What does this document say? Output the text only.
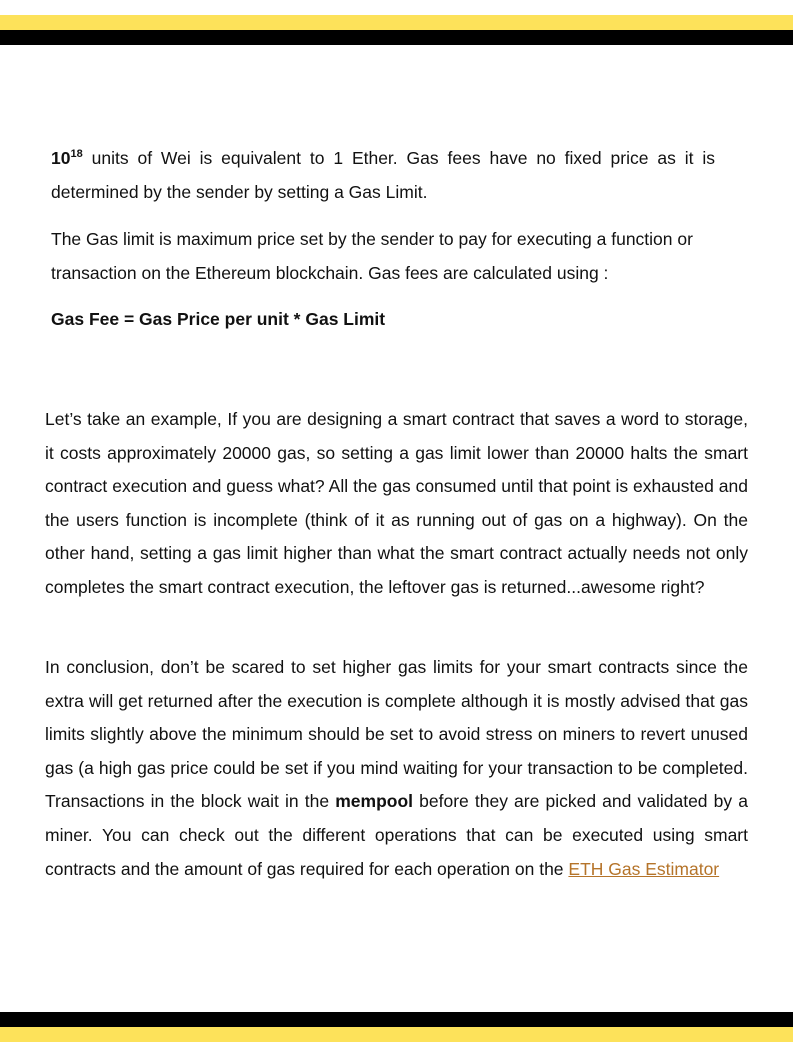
$10^{18}$ units of Wei is equivalent to 1 Ether. Gas fees have no fixed price as it is determined by the sender by setting a Gas Limit.

The Gas limit is maximum price set by the sender to pay for executing a function or transaction on the Ethereum blockchain. Gas fees are calculated using :

Gas Fee = Gas Price per unit * Gas Limit

Let’s take an example, If you are designing a smart contract that saves a word to storage, it costs approximately 20000 gas, so setting a gas limit lower than 20000 halts the smart contract execution and guess what? All the gas consumed until that point is exhausted and the users function is incomplete (think of it as running out of gas on a highway). On the other hand, setting a gas limit higher than what the smart contract actually needs not only completes the smart contract execution, the leftover gas is returned...awesome right?

In conclusion, don’t be scared to set higher gas limits for your smart contracts since the extra will get returned after the execution is complete although it is mostly advised that gas limits slightly above the minimum should be set to avoid stress on miners to revert unused gas (a high gas price could be set if you mind waiting for your transaction to be completed. Transactions in the block wait in the mempool before they are picked and validated by a miner. You can check out the different operations that can be executed using smart contracts and the amount of gas required for each operation on the ETH Gas Estimator
